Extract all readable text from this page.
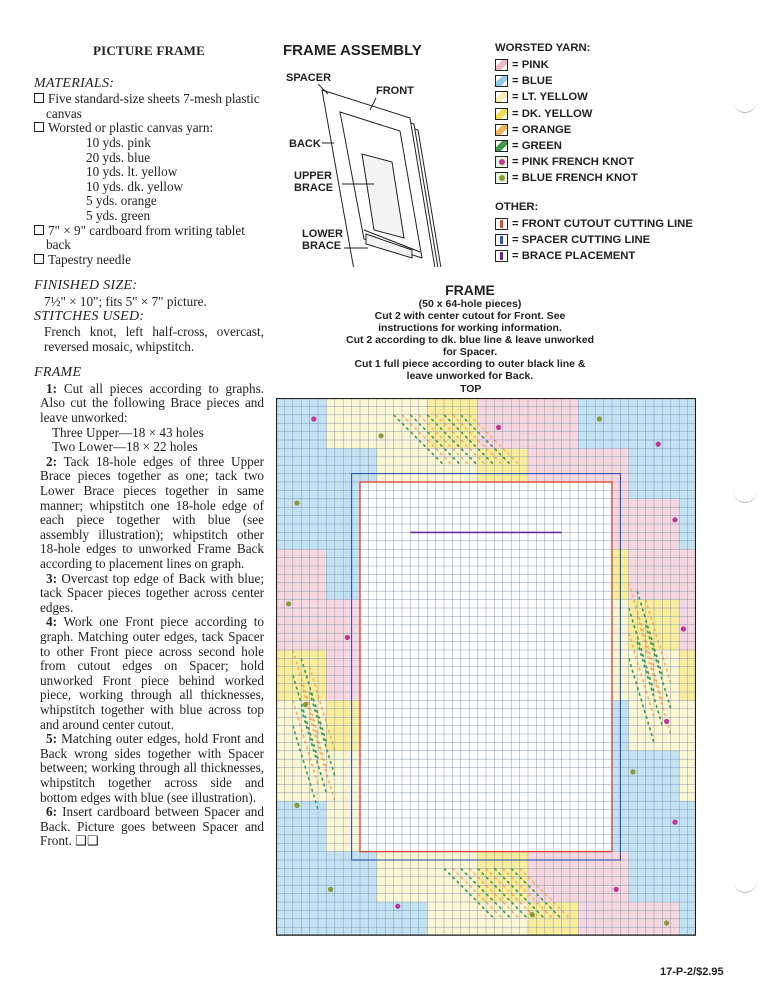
PICTURE FRAME
MATERIALS:
Five standard-size sheets 7-mesh plastic canvas
Worsted or plastic canvas yarn:
10 yds. pink
20 yds. blue
10 yds. lt. yellow
10 yds. dk. yellow
5 yds. orange
5 yds. green
7" × 9" cardboard from writing tablet back
Tapestry needle
FINISHED SIZE:
7½" × 10"; fits 5" × 7" picture.
STITCHES USED:
French knot, left half-cross, overcast, reversed mosaic, whipstitch.
FRAME
1: Cut all pieces according to graphs. Also cut the following Brace pieces and leave unworked:
Three Upper—18 × 43 holes
Two Lower—18 × 22 holes
2: Tack 18-hole edges of three Upper Brace pieces together as one; tack two Lower Brace pieces together in same manner; whipstitch one 18-hole edge of each piece together with blue (see assembly illustration); whipstitch other 18-hole edges to unworked Frame Back according to placement lines on graph.
3: Overcast top edge of Back with blue; tack Spacer pieces together across center edges.
4: Work one Front piece according to graph. Matching outer edges, tack Spacer to other Front piece across second hole from cutout edges on Spacer; hold unworked Front piece behind worked piece, working through all thicknesses, whipstitch together with blue across top and around center cutout.
5: Matching outer edges, hold Front and Back wrong sides together with Spacer between; working through all thicknesses, whipstitch together across side and bottom edges with blue (see illustration).
6: Insert cardboard between Spacer and Back. Picture goes between Spacer and Front. ❑❑
FRAME ASSEMBLY
SPACER
FRONT
BACK
UPPER
BRACE
LOWER
BRACE
WORSTED YARN:
= PINK
= BLUE
= LT. YELLOW
= DK. YELLOW
= ORANGE
= GREEN
= PINK FRENCH KNOT
= BLUE FRENCH KNOT
OTHER:
= FRONT CUTOUT CUTTING LINE
= SPACER CUTTING LINE
= BRACE PLACEMENT
FRAME
(50 x 64-hole pieces)
Cut 2 with center cutout for Front. See
instructions for working information.
Cut 2 according to dk. blue line & leave unworked
for Spacer.
Cut 1 full piece according to outer black line &
leave unworked for Back.
TOP
17-P-2/$2.95
